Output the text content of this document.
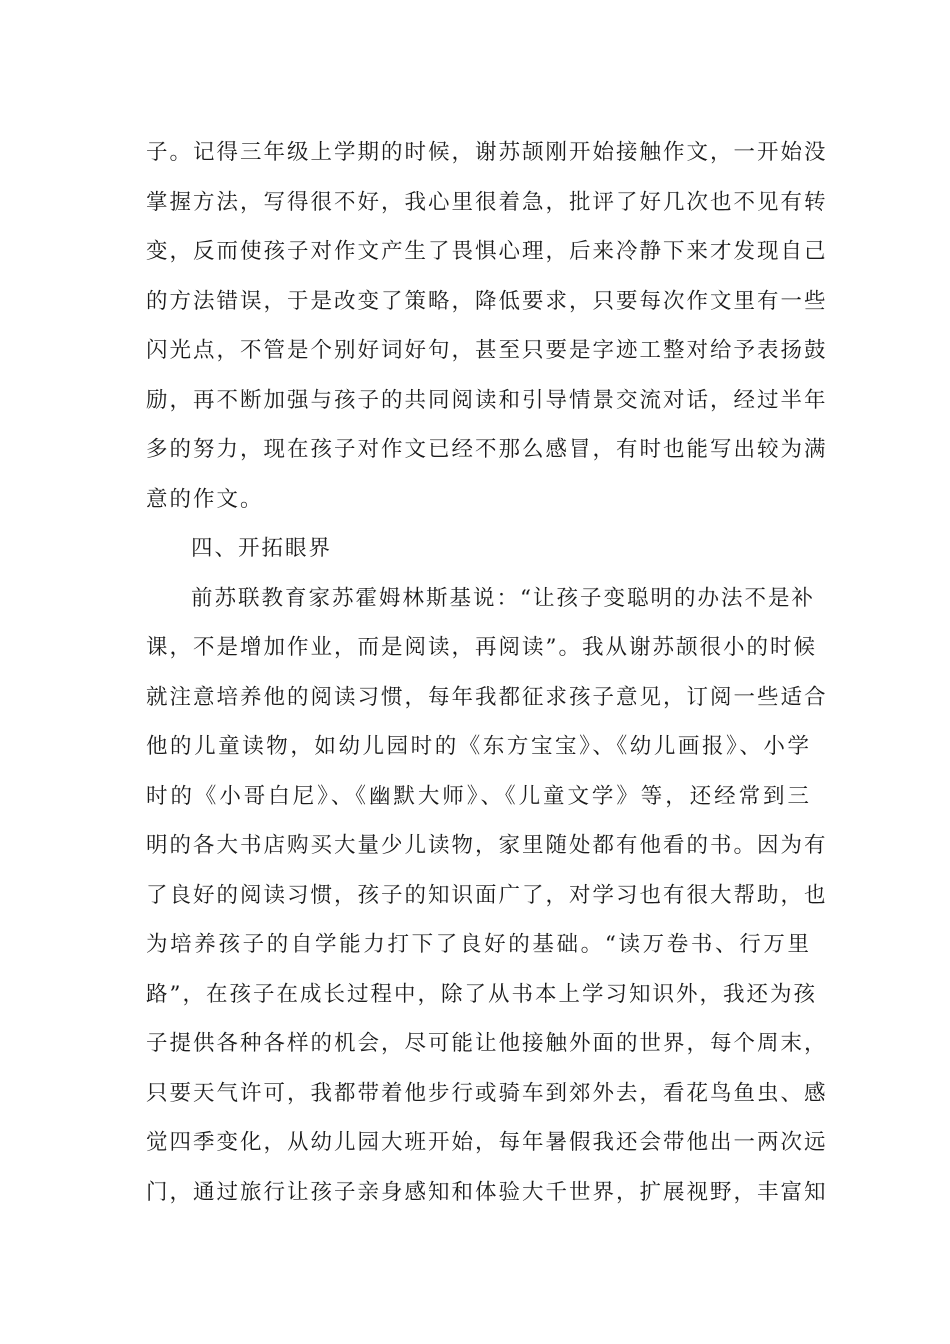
子。记得三年级上学期的时候，谢苏颉刚开始接触作文，一开始没
掌握方法，写得很不好，我心里很着急，批评了好几次也不见有转
变，反而使孩子对作文产生了畏惧心理，后来冷静下来才发现自己
的方法错误，于是改变了策略，降低要求，只要每次作文里有一些
闪光点，不管是个别好词好句，甚至只要是字迹工整对给予表扬鼓
励，再不断加强与孩子的共同阅读和引导情景交流对话，经过半年
多的努力，现在孩子对作文已经不那么感冒，有时也能写出较为满
意的作文。
四、开拓眼界
前苏联教育家苏霍姆林斯基说：“让孩子变聪明的办法不是补
课，不是增加作业，而是阅读，再阅读”。我从谢苏颉很小的时候
就注意培养他的阅读习惯，每年我都征求孩子意见，订阅一些适合
他的儿童读物，如幼儿园时的《东方宝宝》、《幼儿画报》、小学
时的《小哥白尼》、《幽默大师》、《儿童文学》等，还经常到三
明的各大书店购买大量少儿读物，家里随处都有他看的书。因为有
了良好的阅读习惯，孩子的知识面广了，对学习也有很大帮助，也
为培养孩子的自学能力打下了良好的基础。“读万卷书、行万里
路”，在孩子在成长过程中，除了从书本上学习知识外，我还为孩
子提供各种各样的机会，尽可能让他接触外面的世界，每个周末，
只要天气许可，我都带着他步行或骑车到郊外去，看花鸟鱼虫、感
觉四季变化，从幼儿园大班开始，每年暑假我还会带他出一两次远
门，通过旅行让孩子亲身感知和体验大千世界，扩展视野，丰富知
